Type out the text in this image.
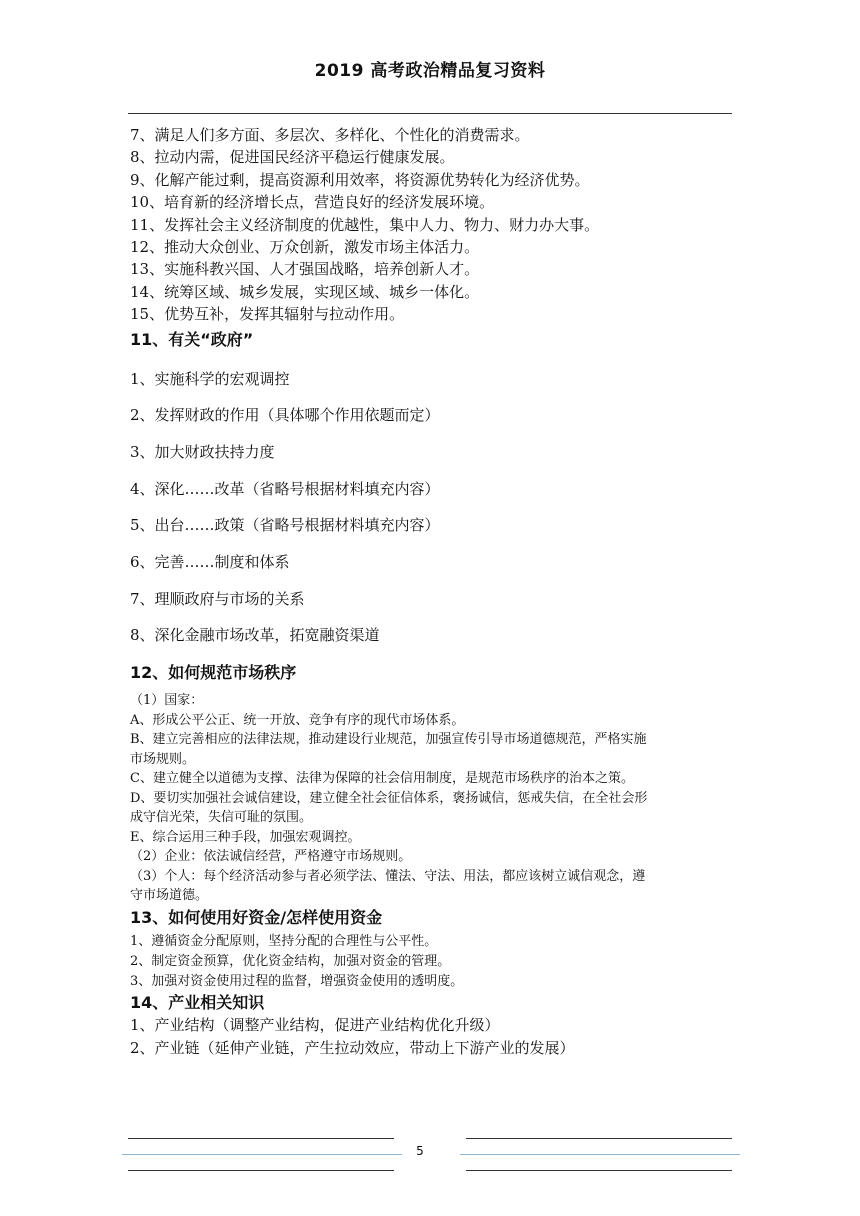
2019 高考政治精品复习资料

7、满足人们多方面、多层次、多样化、个性化的消费需求。

8、拉动内需，促进国民经济平稳运行健康发展。

9、化解产能过剩，提高资源利用效率，将资源优势转化为经济优势。

10、培育新的经济增长点，营造良好的经济发展环境。

11、发挥社会主义经济制度的优越性，集中人力、物力、财力办大事。

12、推动大众创业、万众创新，激发市场主体活力。

13、实施科教兴国、人才强国战略，培养创新人才。

14、统筹区域、城乡发展，实现区域、城乡一体化。

15、优势互补，发挥其辐射与拉动作用。

11、有关“政府”

1、实施科学的宏观调控

2、发挥财政的作用（具体哪个作用依题而定）

3、加大财政扶持力度

4、深化……改革（省略号根据材料填充内容）

5、出台……政策（省略号根据材料填充内容）

6、完善……制度和体系

7、理顺政府与市场的关系

8、深化金融市场改革，拓宽融资渠道

12、如何规范市场秩序

（1）国家：

A、形成公平公正、统一开放、竞争有序的现代市场体系。

B、建立完善相应的法律法规，推动建设行业规范，加强宣传引导市场道德规范，严格实施

市场规则。

C、建立健全以道德为支撑、法律为保障的社会信用制度，是规范市场秩序的治本之策。

D、要切实加强社会诚信建设，建立健全社会征信体系，褒扬诚信，惩戒失信，在全社会形

成守信光荣，失信可耻的氛围。

E、综合运用三种手段，加强宏观调控。

（2）企业：依法诚信经营，严格遵守市场规则。

（3）个人：每个经济活动参与者必须学法、懂法、守法、用法，都应该树立诚信观念，遵

守市场道德。

13、如何使用好资金/怎样使用资金

1、遵循资金分配原则，坚持分配的合理性与公平性。

2、制定资金预算，优化资金结构，加强对资金的管理。

3、加强对资金使用过程的监督，增强资金使用的透明度。

14、产业相关知识

1、产业结构（调整产业结构，促进产业结构优化升级）

2、产业链（延伸产业链，产生拉动效应，带动上下游产业的发展）

5
